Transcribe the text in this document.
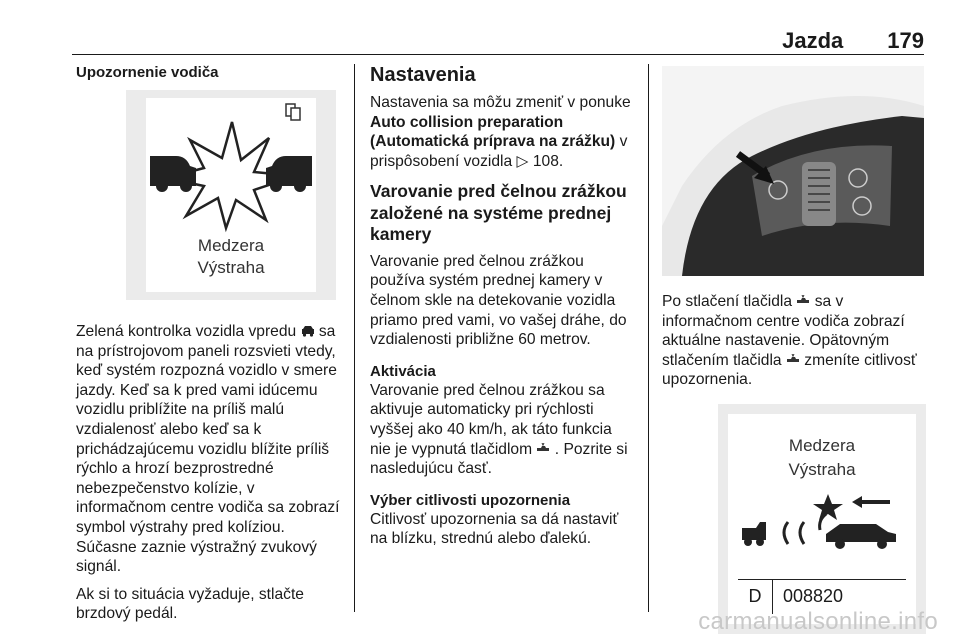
Jazda 179
Upozornenie vodiča
Medzera
Výstraha

Zelená kontrolka vozidla vpredu sa na prístrojovom paneli rozsvieti vtedy, keď systém rozpozná vozidlo v smere jazdy. Keď sa k pred vami idúcemu vozidlu priblížite na príliš malú vzdialenosť alebo keď sa k prichádzajúcemu vozidlu blížite príliš rýchlo a hrozí bezprostredné nebezpečenstvo kolízie, v informačnom centre vodiča sa zobrazí symbol výstrahy pred kolíziou. Súčasne zaznie výstražný zvukový signál.

Ak si to situácia vyžaduje, stlačte brzdový pedál.

Nastavenia

Nastavenia sa môžu zmeniť v ponuke Auto collision preparation (Automatická príprava na zrážku) v prispôsobení vozidla ▷ 108.

Varovanie pred čelnou zrážkou založené na systéme prednej kamery

Varovanie pred čelnou zrážkou používa systém prednej kamery v čelnom skle na detekovanie vozidla priamo pred vami, vo vašej dráhe, do vzdialenosti približne 60 metrov.

Aktivácia

Varovanie pred čelnou zrážkou sa aktivuje automaticky pri rýchlosti vyššej ako 40 km/h, ak táto funkcia nie je vypnutá tlačidlom . Pozrite si nasledujúcu časť.

Výber citlivosti upozornenia

Citlivosť upozornenia sa dá nastaviť na blízku, strednú alebo ďalekú.

Po stlačení tlačidla sa v informačnom centre vodiča zobrazí aktuálne nastavenie. Opätovným stlačením tlačidla zmeníte citlivosť upozornenia.

Medzera
Výstraha
D	008820
carmanualsonline.info
